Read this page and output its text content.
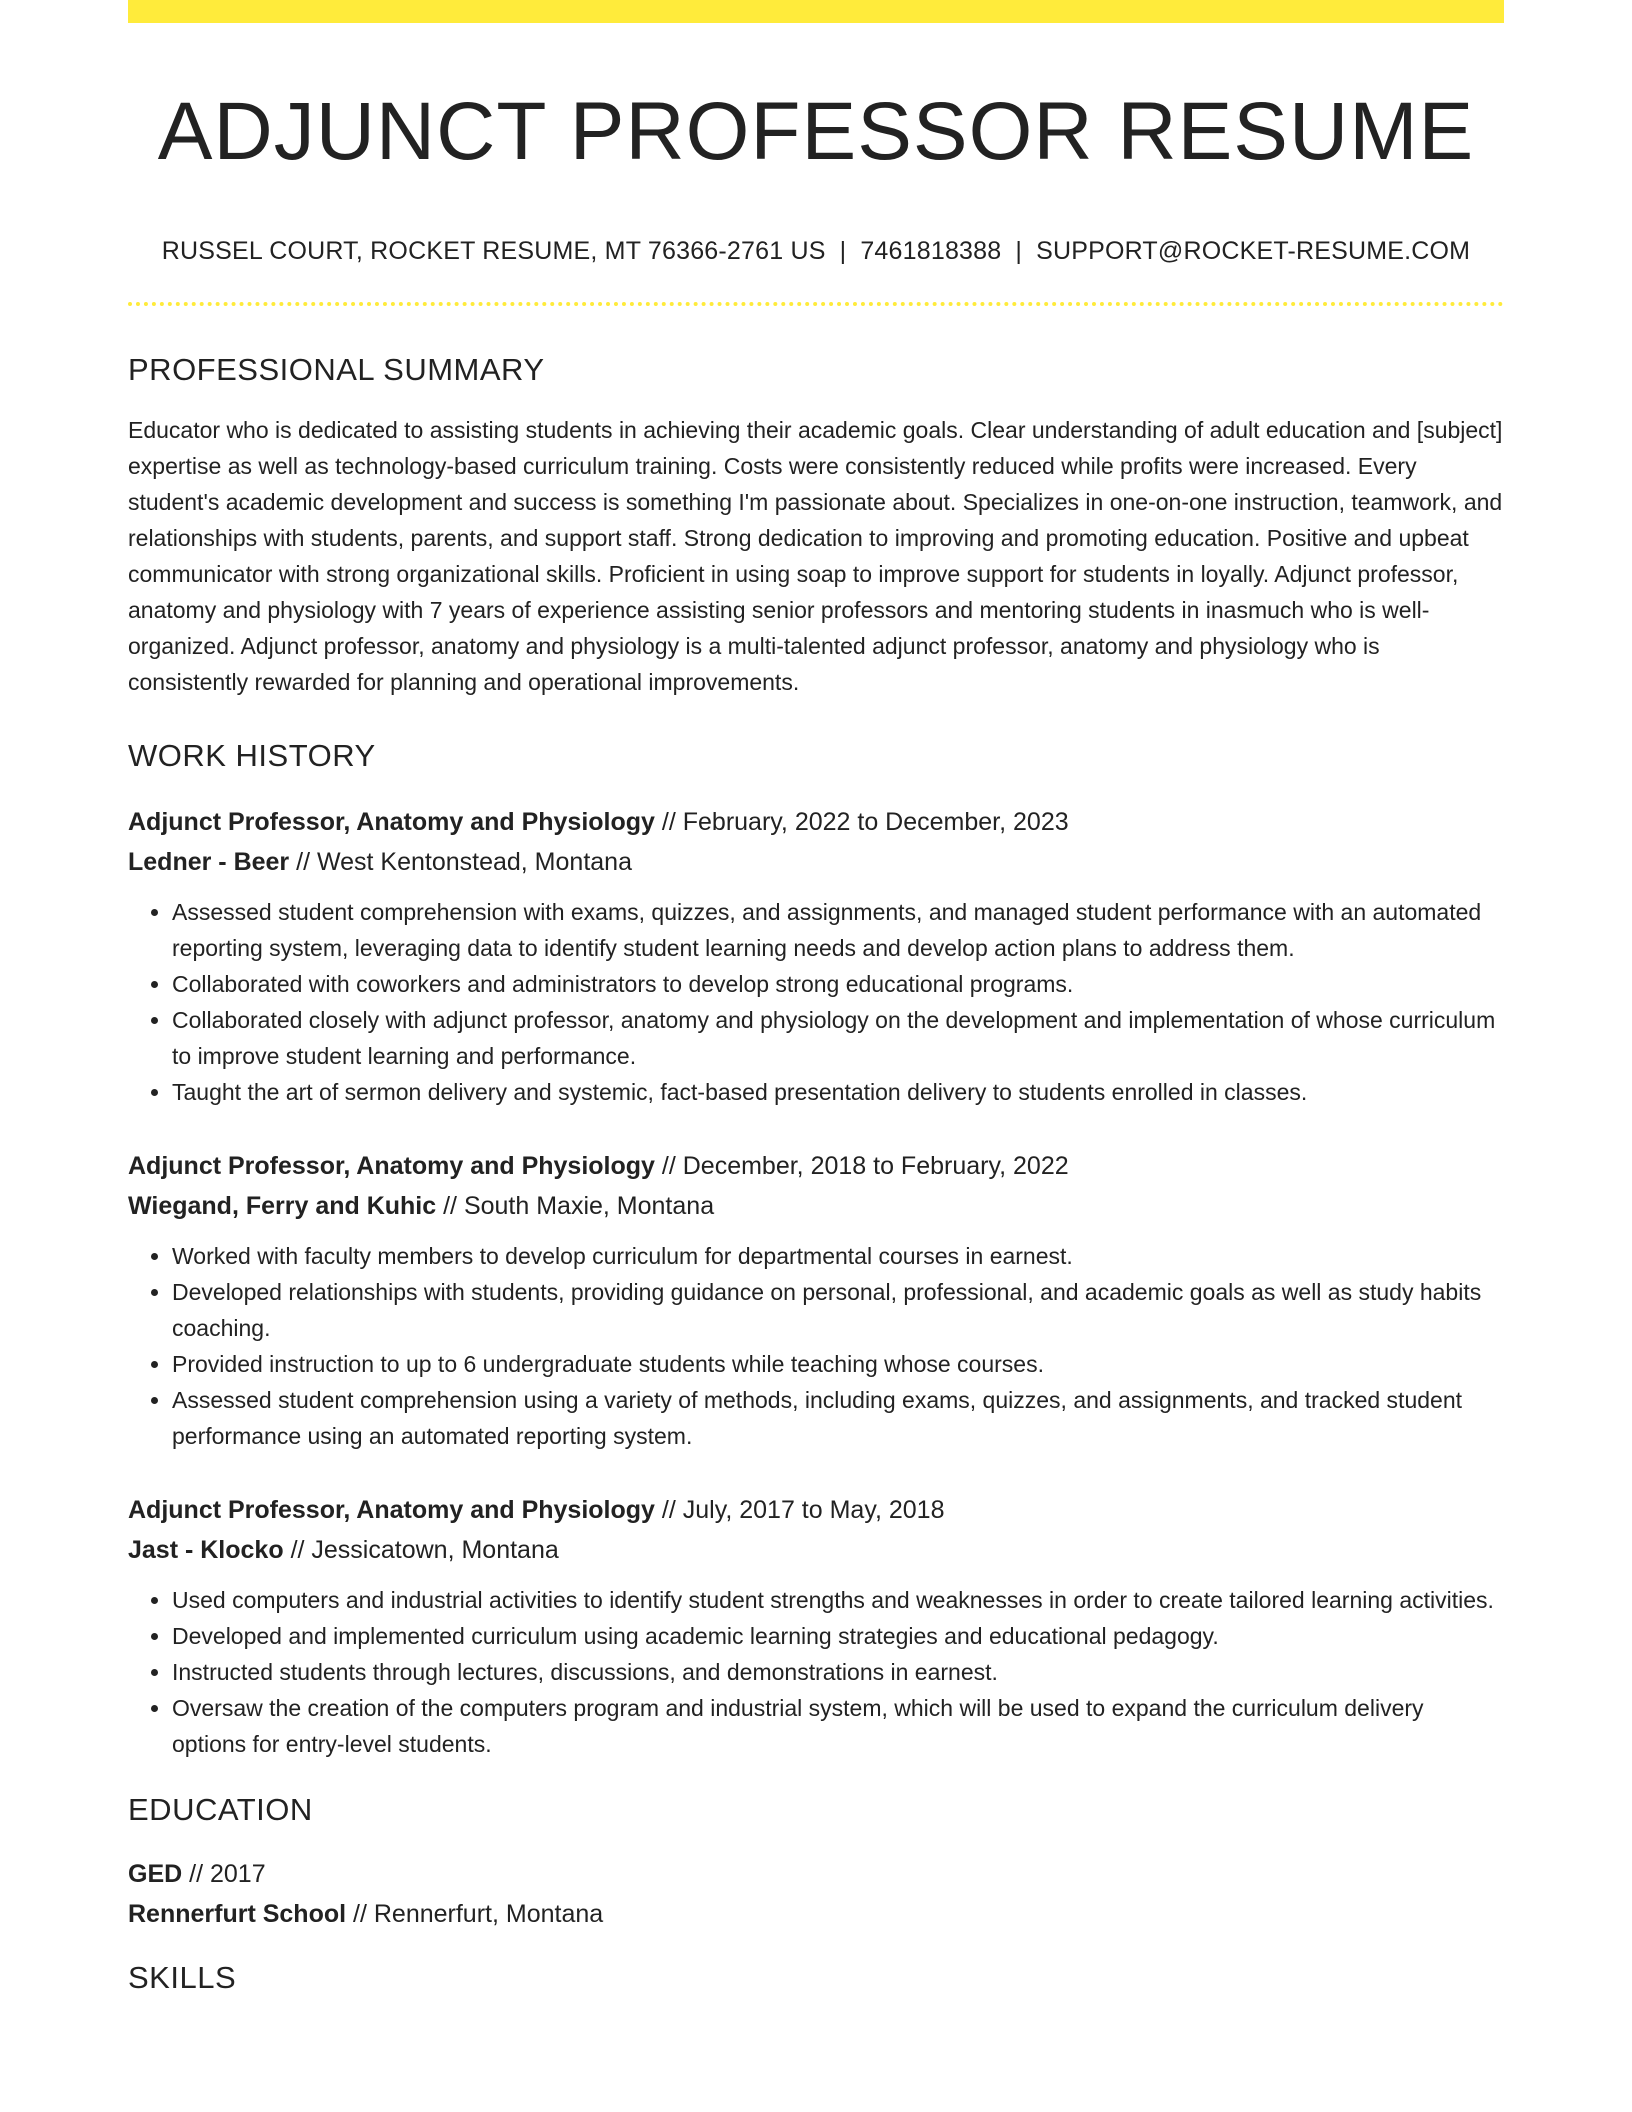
ADJUNCT PROFESSOR RESUME
RUSSEL COURT, ROCKET RESUME, MT 76366-2761 US | 7461818388 | SUPPORT@ROCKET-RESUME.COM
PROFESSIONAL SUMMARY

Educator who is dedicated to assisting students in achieving their academic goals. Clear understanding of adult education and [subject] expertise as well as technology-based curriculum training. Costs were consistently reduced while profits were increased. Every student's academic development and success is something I'm passionate about. Specializes in one-on-one instruction, teamwork, and relationships with students, parents, and support staff. Strong dedication to improving and promoting education. Positive and upbeat communicator with strong organizational skills. Proficient in using soap to improve support for students in loyally. Adjunct professor, anatomy and physiology with 7 years of experience assisting senior professors and mentoring students in inasmuch who is well-organized. Adjunct professor, anatomy and physiology is a multi-talented adjunct professor, anatomy and physiology who is consistently rewarded for planning and operational improvements.

WORK HISTORY
Adjunct Professor, Anatomy and Physiology // February, 2022 to December, 2023
Ledner - Beer // West Kentonstead, Montana
• Assessed student comprehension with exams, quizzes, and assignments, and managed student performance with an automated reporting system, leveraging data to identify student learning needs and develop action plans to address them.
• Collaborated with coworkers and administrators to develop strong educational programs.
• Collaborated closely with adjunct professor, anatomy and physiology on the development and implementation of whose curriculum to improve student learning and performance.
• Taught the art of sermon delivery and systemic, fact-based presentation delivery to students enrolled in classes.
Adjunct Professor, Anatomy and Physiology // December, 2018 to February, 2022
Wiegand, Ferry and Kuhic // South Maxie, Montana
• Worked with faculty members to develop curriculum for departmental courses in earnest.
• Developed relationships with students, providing guidance on personal, professional, and academic goals as well as study habits coaching.
• Provided instruction to up to 6 undergraduate students while teaching whose courses.
• Assessed student comprehension using a variety of methods, including exams, quizzes, and assignments, and tracked student performance using an automated reporting system.
Adjunct Professor, Anatomy and Physiology // July, 2017 to May, 2018
Jast - Klocko // Jessicatown, Montana
• Used computers and industrial activities to identify student strengths and weaknesses in order to create tailored learning activities.
• Developed and implemented curriculum using academic learning strategies and educational pedagogy.
• Instructed students through lectures, discussions, and demonstrations in earnest.
• Oversaw the creation of the computers program and industrial system, which will be used to expand the curriculum delivery options for entry-level students.
EDUCATION
GED // 2017
Rennerfurt School // Rennerfurt, Montana
SKILLS
